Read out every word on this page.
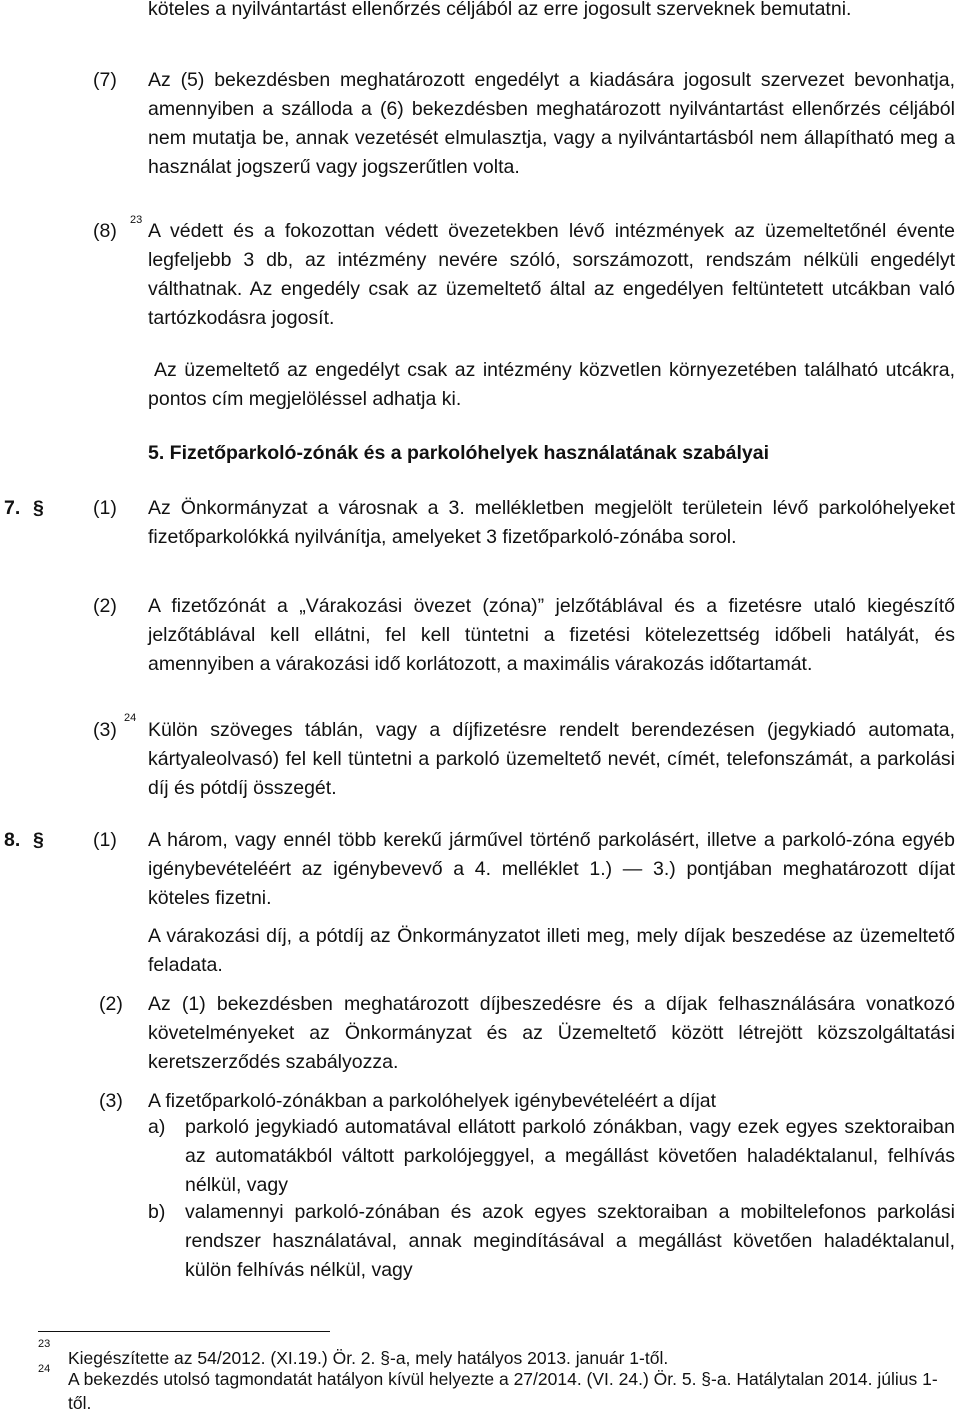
köteles a nyilvántartást ellenőrzés céljából az erre jogosult szerveknek bemutatni.

(7) Az (5) bekezdésben meghatározott engedélyt a kiadására jogosult szervezet bevonhatja, amennyiben a szálloda a (6) bekezdésben meghatározott nyilvántartást ellenőrzés céljából nem mutatja be, annak vezetését elmulasztja, vagy a nyilvántartásból nem állapítható meg a használat jogszerű vagy jogszerűtlen volta.

(8) 23 A védett és a fokozottan védett övezetekben lévő intézmények az üzemeltetőnél évente legfeljebb 3 db, az intézmény nevére szóló, sorszámozott, rendszám nélküli engedélyt válthatnak. Az engedély csak az üzemeltető által az engedélyen feltüntetett utcákban való tartózkodásra jogosít.

Az üzemeltető az engedélyt csak az intézmény közvetlen környezetében található utcákra, pontos cím megjelöléssel adhatja ki.

5. Fizetőparkoló-zónák és a parkolóhelyek használatának szabályai

7. §	(1) Az Önkormányzat a városnak a 3. mellékletben megjelölt területein lévő parkolóhelyeket fizetőparkolókká nyilvánítja, amelyeket 3 fizetőparkoló-zónába sorol.

(2) A fizetőzónát a „Várakozási övezet (zóna)” jelzőtáblával és a fizetésre utaló kiegészítő jelzőtáblával kell ellátni, fel kell tüntetni a fizetési kötelezettség időbeli hatályát, és amennyiben a várakozási idő korlátozott, a maximális várakozás időtartamát.

(3)
24

Külön szöveges táblán, vagy a díjfizetésre rendelt berendezésen (jegykiadó automata, kártyaleolvasó) fel kell tüntetni a parkoló üzemeltető nevét, címét, telefonszámát, a parkolási díj és pótdíj összegét.

8. §	(1) A három, vagy ennél több kerekű járművel történő parkolásért, illetve a parkoló-zóna egyéb igénybevételéért az igénybevevő a 4. melléklet 1.) — 3.) pontjában meghatározott díjat köteles fizetni.

A várakozási díj, a pótdíj az Önkormányzatot illeti meg, mely díjak beszedése az üzemeltető feladata.

(2) Az (1) bekezdésben meghatározott díjbeszedésre és a díjak felhasználására vonatkozó követelményeket az Önkormányzat és az Üzemeltető között létrejött közszolgáltatási keretszerződés szabályozza.

(3) A fizetőparkoló-zónákban a parkolóhelyek igénybevételéért a díjat

a) parkoló jegykiadó automatával ellátott parkoló zónákban, vagy ezek egyes szektoraiban az automatákból váltott parkolójeggyel, a megállást követően haladéktalanul, felhívás nélkül, vagy

b) valamennyi parkoló-zónában és azok egyes szektoraiban a mobiltelefonos parkolási rendszer használatával, annak megindításával a megállást követően haladéktalanul, külön felhívás nélkül, vagy

23

Kiegészítette az 54/2012. (XI.19.) Ör. 2. §-a, mely hatályos 2013. január 1-től.

24 A bekezdés utolsó tagmondatát hatályon kívül helyezte a 27/2014. (VI. 24.) Ör. 5. §-a. Hatálytalan 2014. július 1-től.
